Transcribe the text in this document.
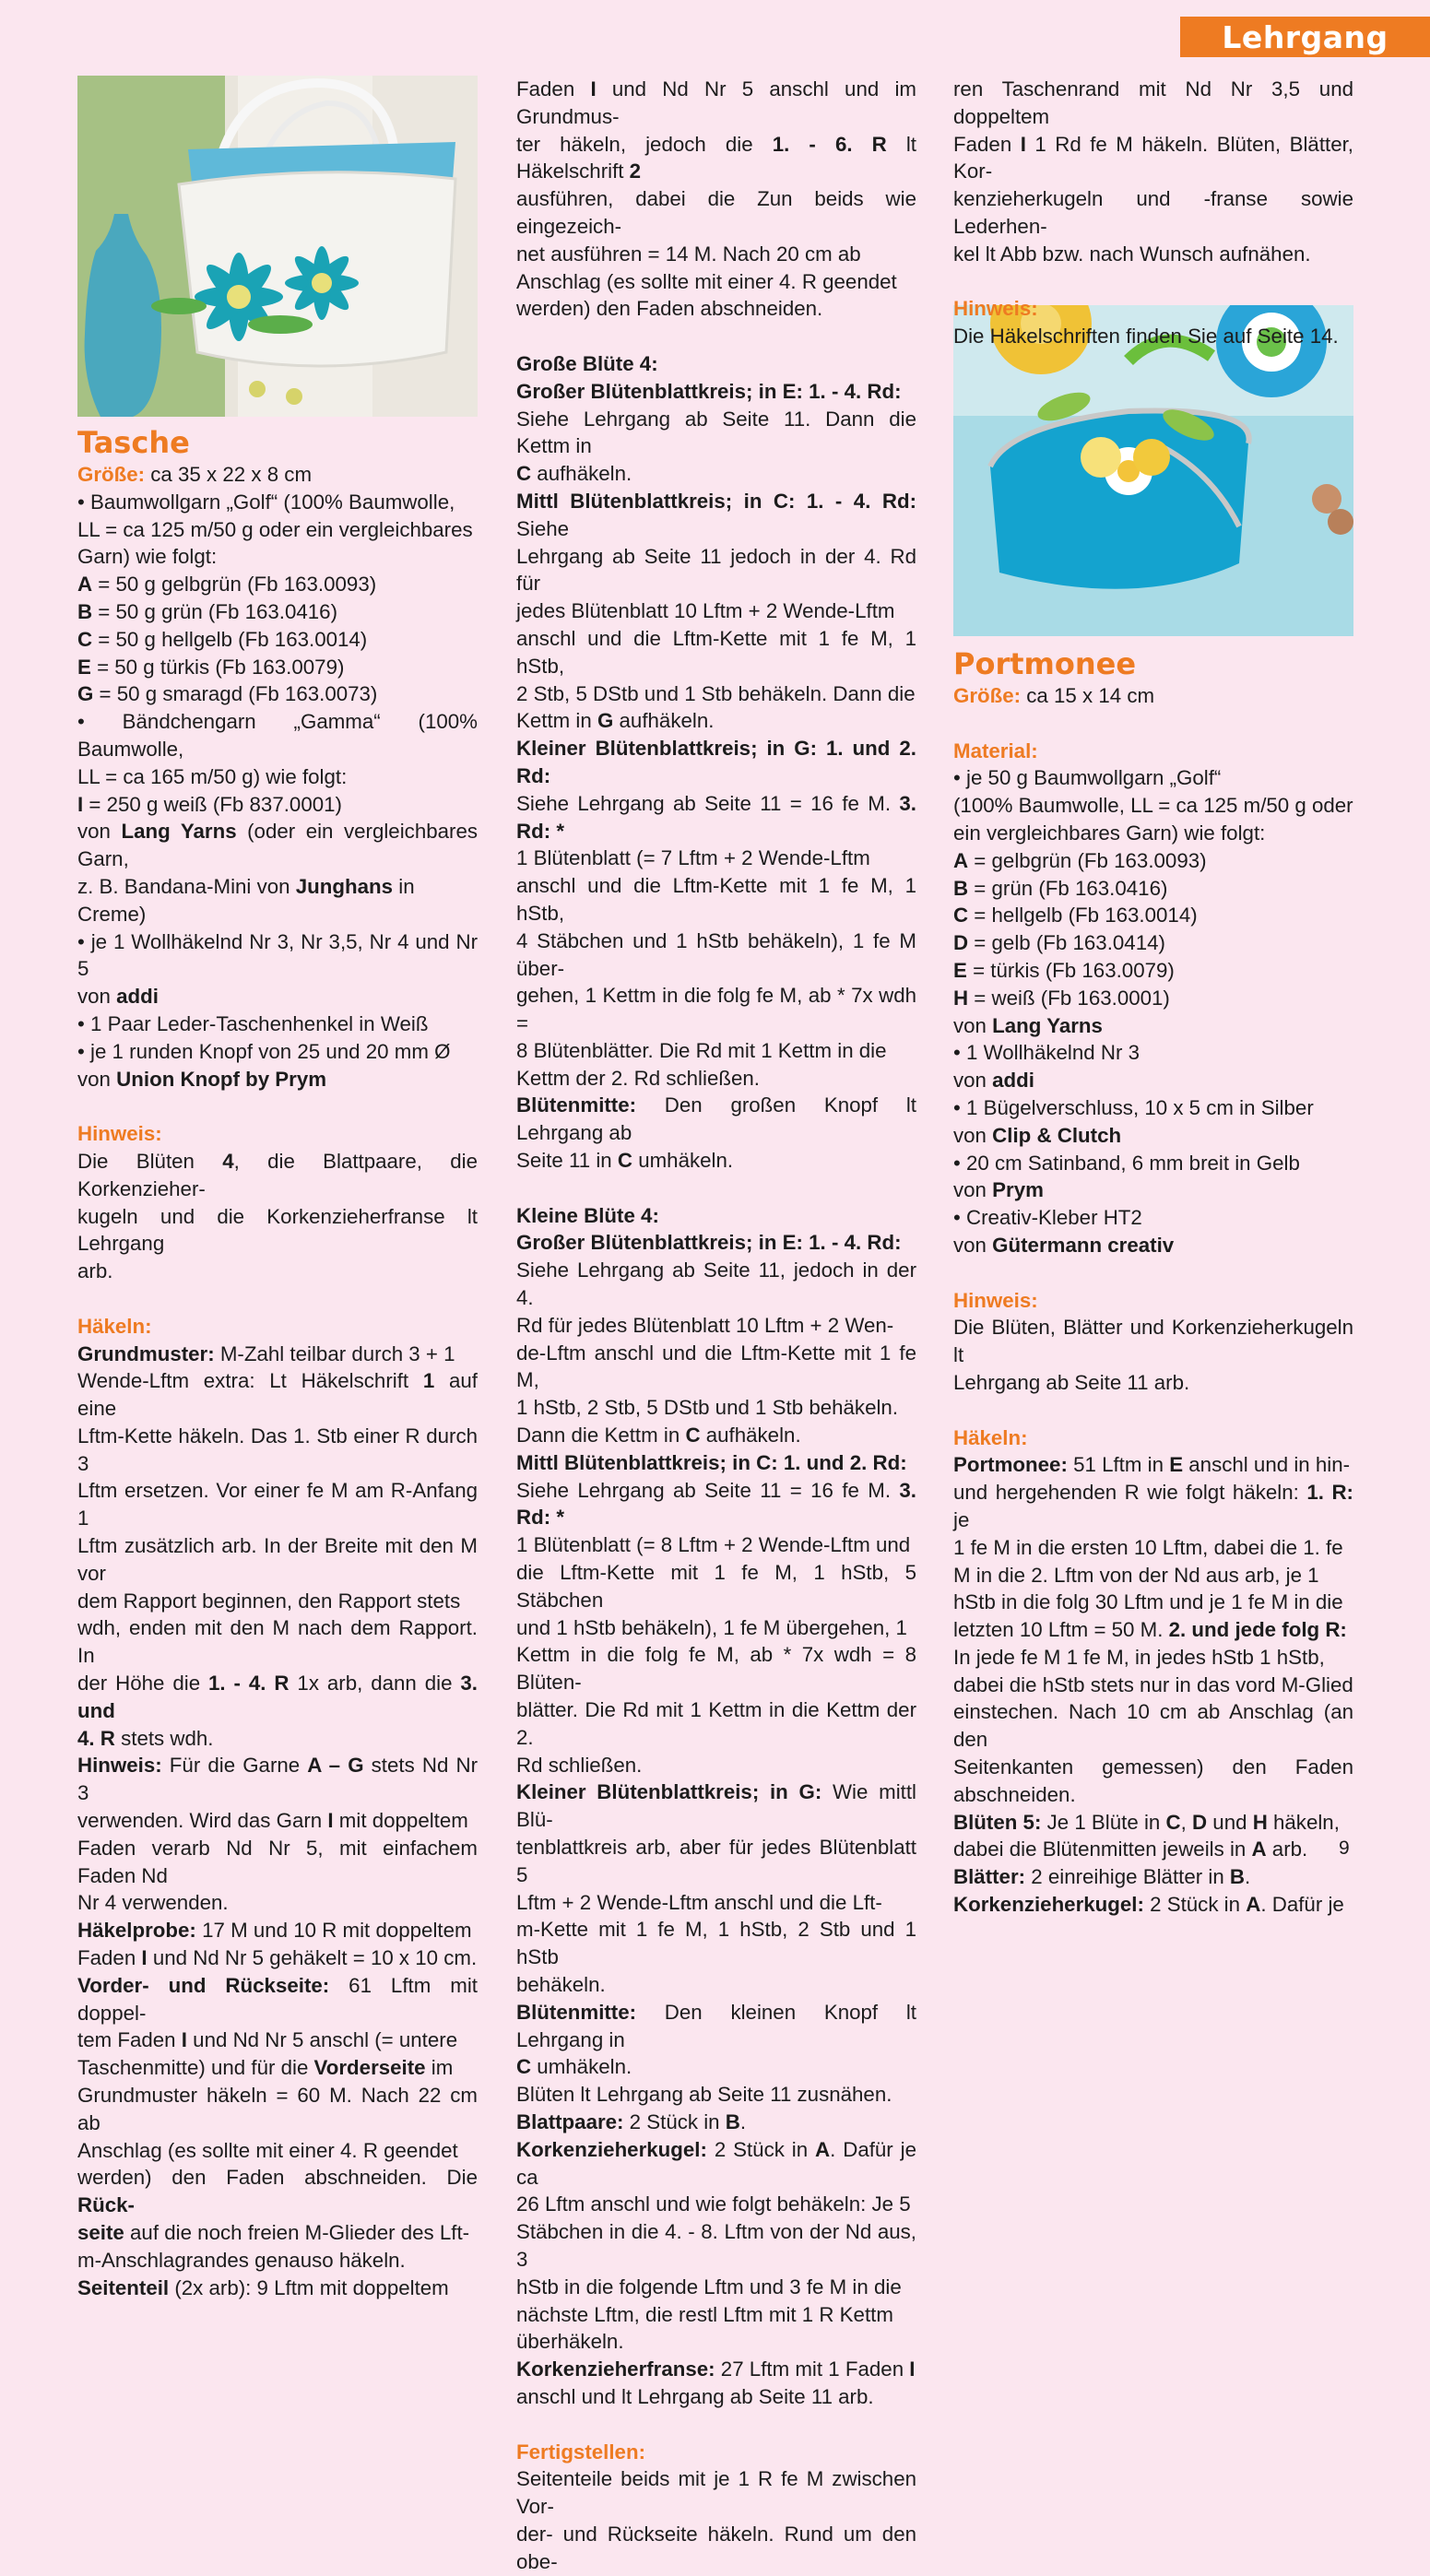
Lehrgang
Tasche

Größe: ca 35 x 22 x 8 cm

• Baumwollgarn „Golf“ (100% Baumwolle,

LL = ca 125 m/50 g oder ein vergleichbares

Garn) wie folgt:

A = 50 g gelbgrün (Fb 163.0093)

B = 50 g grün (Fb 163.0416)

C = 50 g hellgelb (Fb 163.0014)

E = 50 g türkis (Fb 163.0079)

G = 50 g smaragd (Fb 163.0073)

• Bändchengarn „Gamma“ (100% Baumwolle,

LL = ca 165 m/50 g) wie folgt:

I = 250 g weiß (Fb 837.0001)

von Lang Yarns (oder ein vergleichbares Garn,

z. B. Bandana-Mini von Junghans in Creme)

• je 1 Wollhäkelnd Nr 3, Nr 3,5, Nr 4 und Nr 5

von addi

• 1 Paar Leder-Taschenhenkel in Weiß

• je 1 runden Knopf von 25 und 20 mm Ø

von Union Knopf by Prym

Hinweis:

Die Blüten 4, die Blattpaare, die Korkenzieher-

kugeln und die Korkenzieherfranse lt Lehrgang

arb.

Häkeln:

Grundmuster: M-Zahl teilbar durch 3 + 1

Wende-Lftm extra: Lt Häkelschrift 1 auf eine

Lftm-Kette häkeln. Das 1. Stb einer R durch 3

Lftm ersetzen. Vor einer fe M am R-Anfang 1

Lftm zusätzlich arb. In der Breite mit den M vor

dem Rapport beginnen, den Rapport stets

wdh, enden mit den M nach dem Rapport. In

der Höhe die 1. - 4. R 1x arb, dann die 3. und

4. R stets wdh.

Hinweis: Für die Garne A – G stets Nd Nr 3

verwenden. Wird das Garn I mit doppeltem

Faden verarb Nd Nr 5, mit einfachem Faden Nd

Nr 4 verwenden.

Häkelprobe: 17 M und 10 R mit doppeltem

Faden I und Nd Nr 5 gehäkelt = 10 x 10 cm.

Vorder- und Rückseite: 61 Lftm mit doppel-

tem Faden I und Nd Nr 5 anschl (= untere

Taschenmitte) und für die Vorderseite im

Grundmuster häkeln = 60 M. Nach 22 cm ab

Anschlag (es sollte mit einer 4. R geendet

werden) den Faden abschneiden. Die Rück-

seite auf die noch freien M-Glieder des Lft-

m-Anschlagrandes genauso häkeln.

Seitenteil (2x arb): 9 Lftm mit doppeltem

Faden I und Nd Nr 5 anschl und im Grundmus-

ter häkeln, jedoch die 1. - 6. R lt Häkelschrift 2

ausführen, dabei die Zun beids wie eingezeich-

net ausführen = 14 M. Nach 20 cm ab

Anschlag (es sollte mit einer 4. R geendet

werden) den Faden abschneiden.

Große Blüte 4:

Großer Blütenblattkreis; in E: 1. - 4. Rd:

Siehe Lehrgang ab Seite 11. Dann die Kettm in

C aufhäkeln.

Mittl Blütenblattkreis; in C: 1. - 4. Rd: Siehe

Lehrgang ab Seite 11 jedoch in der 4. Rd für

jedes Blütenblatt 10 Lftm + 2 Wende-Lftm

anschl und die Lftm-Kette mit 1 fe M, 1 hStb,

2 Stb, 5 DStb und 1 Stb behäkeln. Dann die

Kettm in G aufhäkeln.

Kleiner Blütenblattkreis; in G: 1. und 2. Rd:

Siehe Lehrgang ab Seite 11 = 16 fe M. 3. Rd: *

1 Blütenblatt (= 7 Lftm + 2 Wende-Lftm

anschl und die Lftm-Kette mit 1 fe M, 1 hStb,

4 Stäbchen und 1 hStb behäkeln), 1 fe M über-

gehen, 1 Kettm in die folg fe M, ab * 7x wdh =

8 Blütenblätter. Die Rd mit 1 Kettm in die

Kettm der 2. Rd schließen.

Blütenmitte: Den großen Knopf lt Lehrgang ab

Seite 11 in C umhäkeln.

Kleine Blüte 4:

Großer Blütenblattkreis; in E: 1. - 4. Rd:

Siehe Lehrgang ab Seite 11, jedoch in der 4.

Rd für jedes Blütenblatt 10 Lftm + 2 Wen-

de-Lftm anschl und die Lftm-Kette mit 1 fe M,

1 hStb, 2 Stb, 5 DStb und 1 Stb behäkeln.

Dann die Kettm in C aufhäkeln.

Mittl Blütenblattkreis; in C: 1. und 2. Rd:

Siehe Lehrgang ab Seite 11 = 16 fe M. 3. Rd: *

1 Blütenblatt (= 8 Lftm + 2 Wende-Lftm und

die Lftm-Kette mit 1 fe M, 1 hStb, 5 Stäbchen

und 1 hStb behäkeln), 1 fe M übergehen, 1

Kettm in die folg fe M, ab * 7x wdh = 8 Blüten-

blätter. Die Rd mit 1 Kettm in die Kettm der 2.

Rd schließen.

Kleiner Blütenblattkreis; in G: Wie mittl Blü-

tenblattkreis arb, aber für jedes Blütenblatt 5

Lftm + 2 Wende-Lftm anschl und die Lft-

m-Kette mit 1 fe M, 1 hStb, 2 Stb und 1 hStb

behäkeln.

Blütenmitte: Den kleinen Knopf lt Lehrgang in

C umhäkeln.

Blüten lt Lehrgang ab Seite 11 zusnähen.

Blattpaare: 2 Stück in B.

Korkenzieherkugel: 2 Stück in A. Dafür je ca

26 Lftm anschl und wie folgt behäkeln: Je 5

Stäbchen in die 4. - 8. Lftm von der Nd aus, 3

hStb in die folgende Lftm und 3 fe M in die

nächste Lftm, die restl Lftm mit 1 R Kettm

überhäkeln.

Korkenzieherfranse: 27 Lftm mit 1 Faden I

anschl und lt Lehrgang ab Seite 11 arb.

Fertigstellen:

Seitenteile beids mit je 1 R fe M zwischen Vor-

der- und Rückseite häkeln. Rund um den obe-

ren Taschenrand mit Nd Nr 3,5 und doppeltem

Faden I 1 Rd fe M häkeln. Blüten, Blätter, Kor-

kenzieherkugeln und -franse sowie Lederhen-

kel lt Abb bzw. nach Wunsch aufnähen.

Hinweis:

Die Häkelschriften finden Sie auf Seite 14.

Portmonee

Größe: ca 15 x 14 cm

Material:

• je 50 g Baumwollgarn „Golf“

(100% Baumwolle, LL = ca 125 m/50 g oder

ein vergleichbares Garn) wie folgt:

A = gelbgrün (Fb 163.0093)

B = grün (Fb 163.0416)

C = hellgelb (Fb 163.0014)

D = gelb (Fb 163.0414)

E = türkis (Fb 163.0079)

H = weiß (Fb 163.0001)

von Lang Yarns

• 1 Wollhäkelnd Nr 3

von addi

• 1 Bügelverschluss, 10 x 5 cm in Silber

von Clip & Clutch

• 20 cm Satinband, 6 mm breit in Gelb

von Prym

• Creativ-Kleber HT2

von Gütermann creativ

Hinweis:

Die Blüten, Blätter und Korkenzieherkugeln lt

Lehrgang ab Seite 11 arb.

Häkeln:

Portmonee: 51 Lftm in E anschl und in hin-

und hergehenden R wie folgt häkeln: 1. R: je

1 fe M in die ersten 10 Lftm, dabei die 1. fe

M in die 2. Lftm von der Nd aus arb, je 1

hStb in die folg 30 Lftm und je 1 fe M in die

letzten 10 Lftm = 50 M. 2. und jede folg R:

In jede fe M 1 fe M, in jedes hStb 1 hStb,

dabei die hStb stets nur in das vord M-Glied

einstechen. Nach 10 cm ab Anschlag (an den

Seitenkanten gemessen) den Faden

abschneiden.

Blüten 5: Je 1 Blüte in C, D und H häkeln,

dabei die Blütenmitten jeweils in A arb.

Blätter: 2 einreihige Blätter in B.

Korkenzieherkugel: 2 Stück in A. Dafür je

9
